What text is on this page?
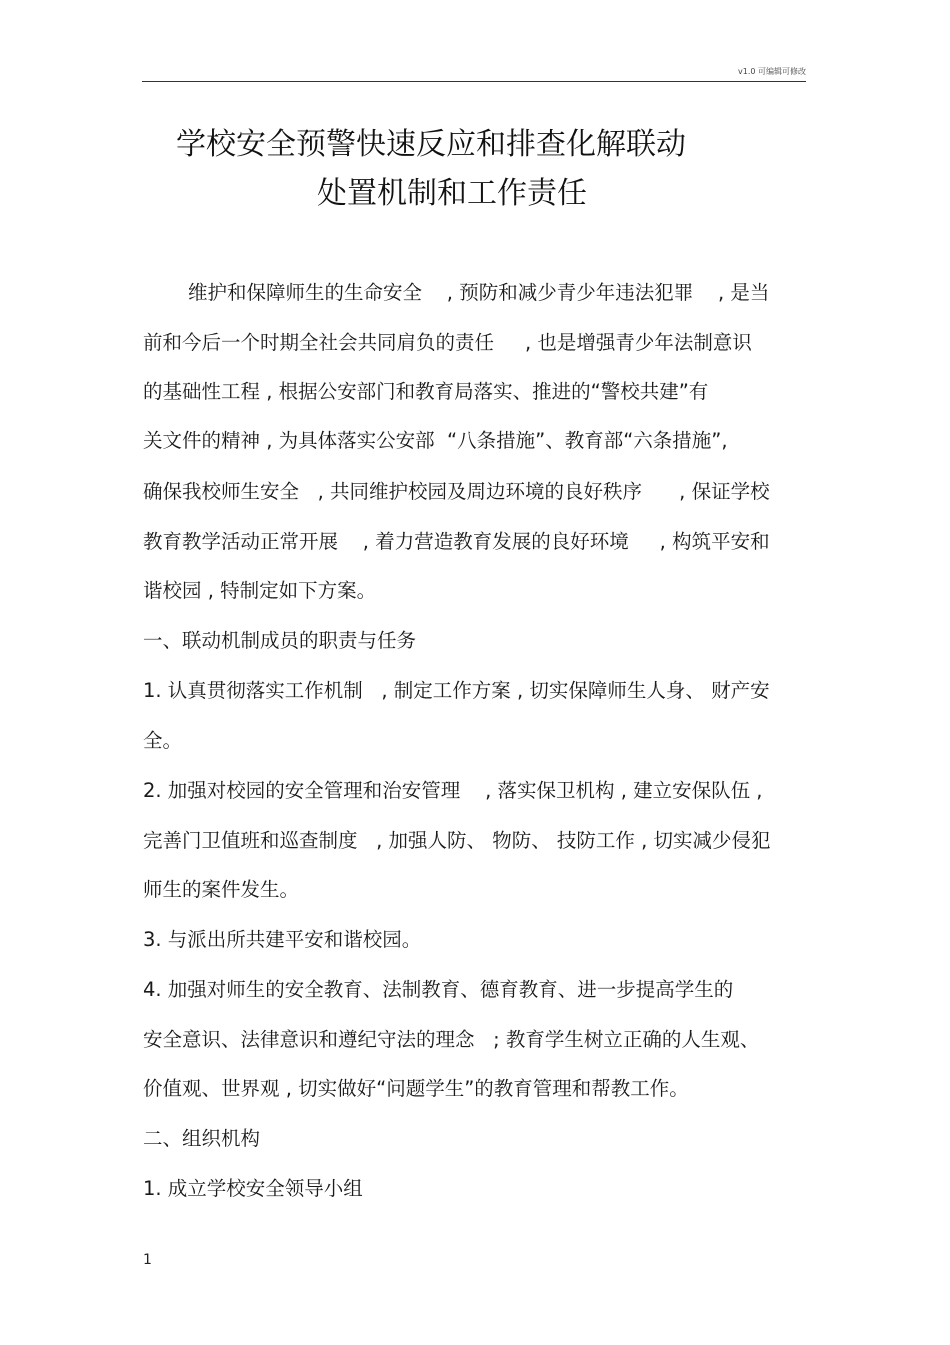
v1.0 可编辑可修改
学校安全预警快速反应和排查化解联动
处置机制和工作责任
维护和保障师生的生命安全    , 预防和减少青少年违法犯罪    , 是当
前和今后一个时期全社会共同肩负的责任     , 也是增强青少年法制意识
的基础性工程 , 根据公安部门和教育局落实、推进的“警校共建”有
关文件的精神 , 为具体落实公安部  “八条措施”、教育部“六条措施”,
确保我校师生安全   , 共同维护校园及周边环境的良好秩序      , 保证学校
教育教学活动正常开展    , 着力营造教育发展的良好环境     , 构筑平安和
谐校园 , 特制定如下方案。
一、联动机制成员的职责与任务
1. 认真贯彻落实工作机制   , 制定工作方案 , 切实保障师生人身、 财产安
全。
2. 加强对校园的安全管理和治安管理    , 落实保卫机构 , 建立安保队伍 ,
完善门卫值班和巡查制度   , 加强人防、 物防、 技防工作 , 切实减少侵犯
师生的案件发生。
3. 与派出所共建平安和谐校园。
4. 加强对师生的安全教育、法制教育、德育教育、进一步提高学生的
安全意识、法律意识和遵纪守法的理念   ; 教育学生树立正确的人生观、
价值观、世界观 , 切实做好“问题学生”的教育管理和帮教工作。
二、组织机构
1. 成立学校安全领导小组
1
